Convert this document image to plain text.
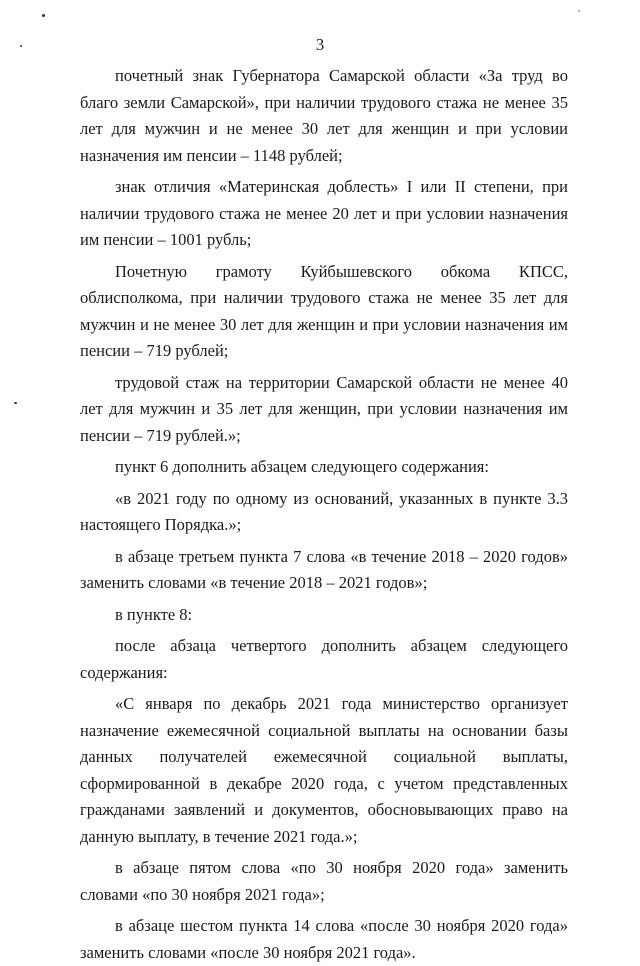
3

почетный знак Губернатора Самарской области «За труд во благо земли Самарской», при наличии трудового стажа не менее 35 лет для мужчин и не менее 30 лет для женщин и при условии назначения им пенсии – 1148 рублей;

знак отличия «Материнская доблесть» I или II степени, при наличии трудового стажа не менее 20 лет и при условии назначения им пенсии – 1001 рубль;

Почетную грамоту Куйбышевского обкома КПСС, облисполкома, при наличии трудового стажа не менее 35 лет для мужчин и не менее 30 лет для женщин и при условии назначения им пенсии – 719 рублей;

трудовой стаж на территории Самарской области не менее 40 лет для мужчин и 35 лет для женщин, при условии назначения им пенсии – 719 рублей.»;

пункт 6 дополнить абзацем следующего содержания:

«в 2021 году по одному из оснований, указанных в пункте 3.3 настоящего Порядка.»;

в абзаце третьем пункта 7 слова «в течение 2018 – 2020 годов» заменить словами «в течение 2018 – 2021 годов»;

в пункте 8:

после абзаца четвертого дополнить абзацем следующего содержания:

«С января по декабрь 2021 года министерство организует назначение ежемесячной социальной выплаты на основании базы данных получателей ежемесячной социальной выплаты, сформированной в декабре 2020 года, с учетом представленных гражданами заявлений и документов, обосновывающих право на данную выплату, в течение 2021 года.»;

в абзаце пятом слова «по 30 ноября 2020 года» заменить словами «по 30 ноября 2021 года»;

в абзаце шестом пункта 14 слова «после 30 ноября 2020 года» заменить словами «после 30 ноября 2021 года».
